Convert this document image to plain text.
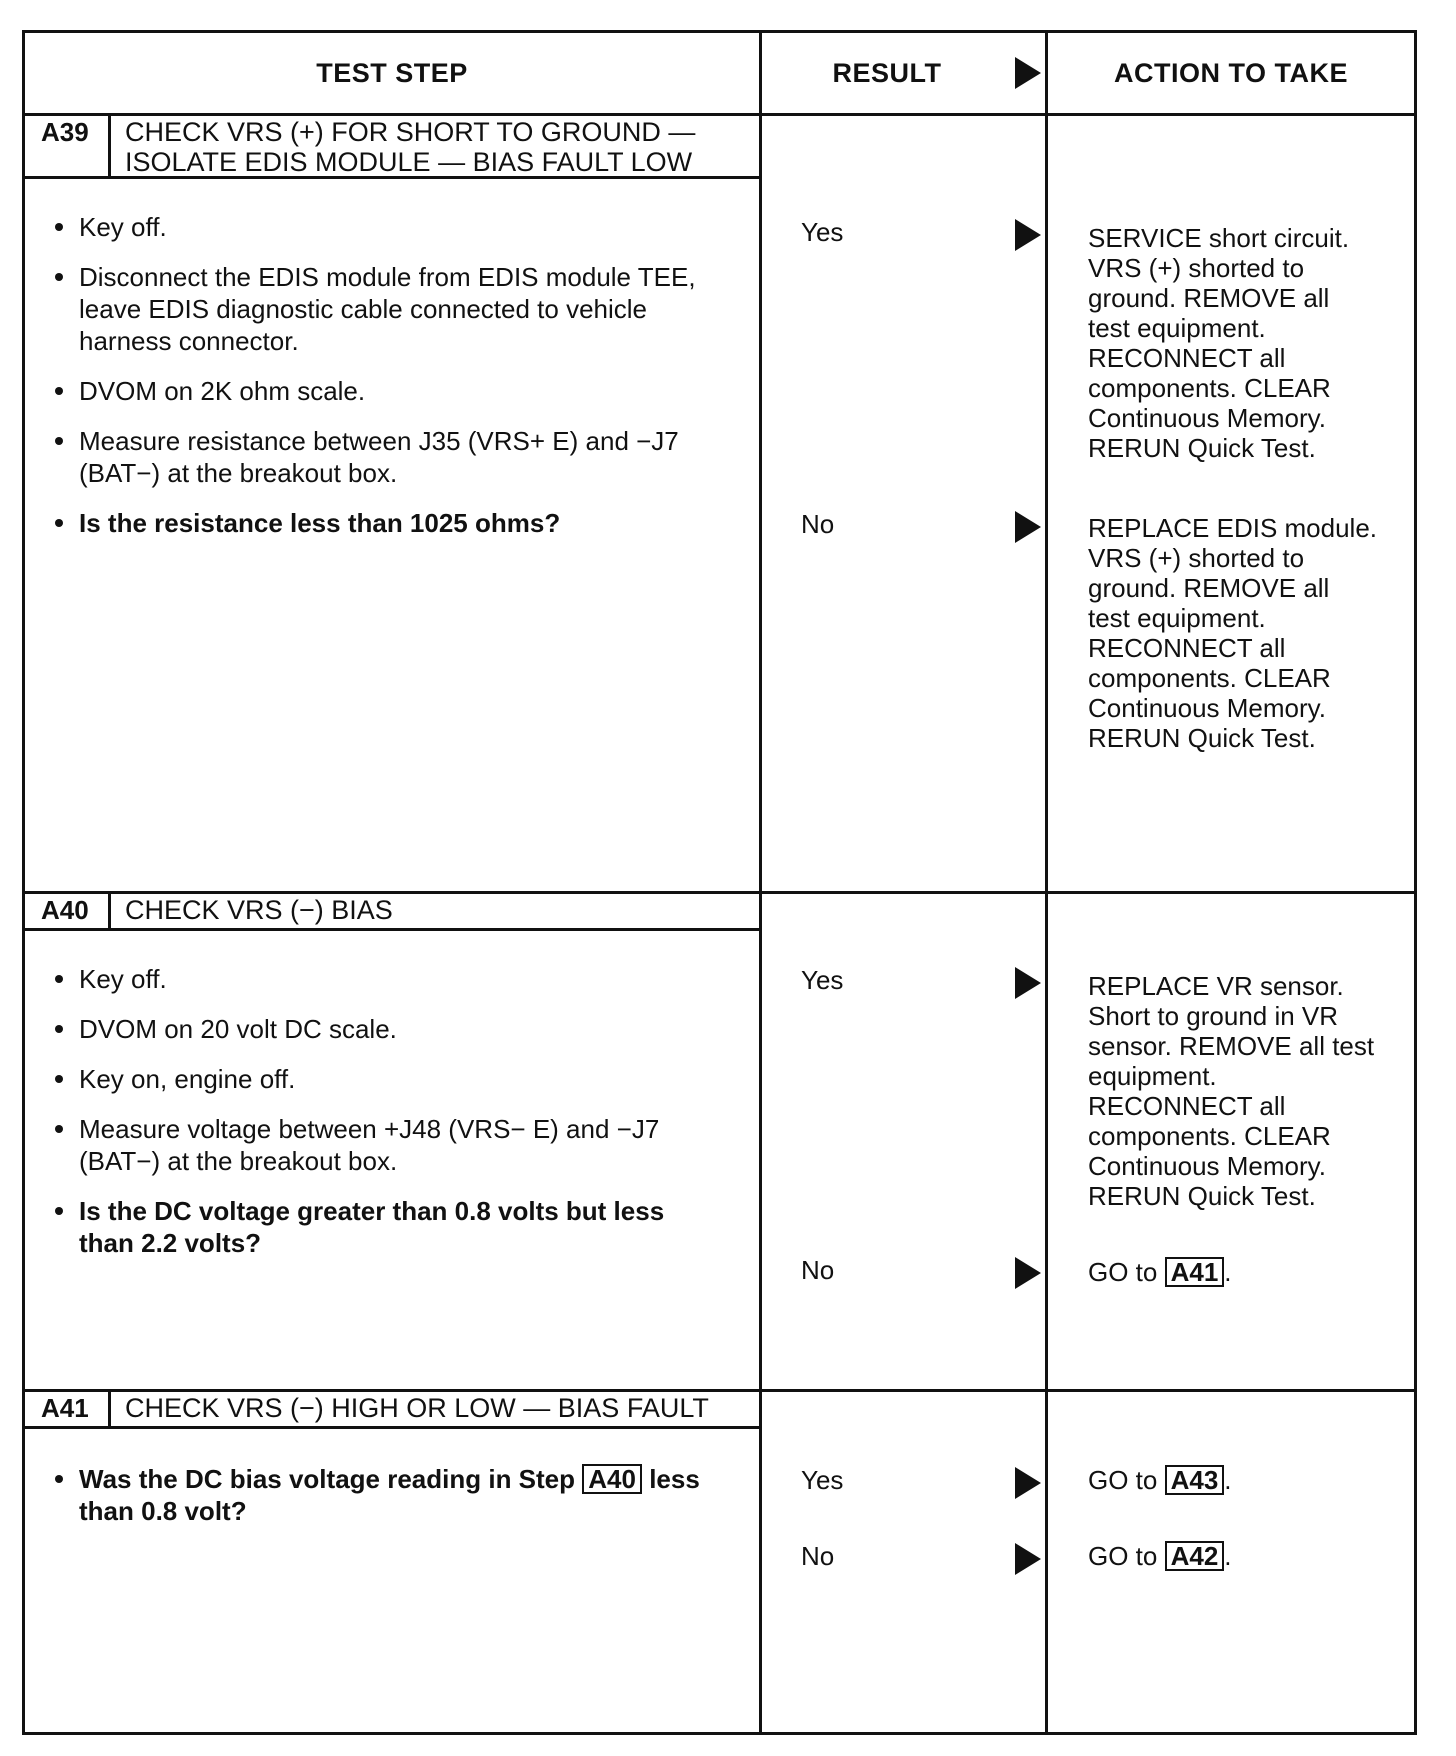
TEST STEP	RESULT	ACTION TO TAKE
A39	CHECK VRS (+) FOR SHORT TO GROUND —
ISOLATE EDIS MODULE — BIAS FAULT LOW
Key off.
Disconnect the EDIS module from EDIS module TEE, leave EDIS diagnostic cable connected to vehicle harness connector.
DVOM on 2K ohm scale.
Measure resistance between J35 (VRS+ E) and −J7 (BAT−) at the breakout box.
Is the resistance less than 1025 ohms?
Yes	SERVICE short circuit. VRS (+) shorted to ground. REMOVE all test equipment. RECONNECT all components. CLEAR Continuous Memory. RERUN Quick Test.
No	REPLACE EDIS module. VRS (+) shorted to ground. REMOVE all test equipment. RECONNECT all components. CLEAR Continuous Memory. RERUN Quick Test.
A40	CHECK VRS (−) BIAS
Key off.
DVOM on 20 volt DC scale.
Key on, engine off.
Measure voltage between +J48 (VRS− E) and −J7 (BAT−) at the breakout box.
Is the DC voltage greater than 0.8 volts but less than 2.2 volts?
Yes	REPLACE VR sensor. Short to ground in VR sensor. REMOVE all test equipment. RECONNECT all components. CLEAR Continuous Memory. RERUN Quick Test.
No	GO to A41 .
A41	CHECK VRS (−) HIGH OR LOW — BIAS FAULT
Was the DC bias voltage reading in Step A40 less than 0.8 volt?
Yes	GO to A43 .
No	GO to A42 .
